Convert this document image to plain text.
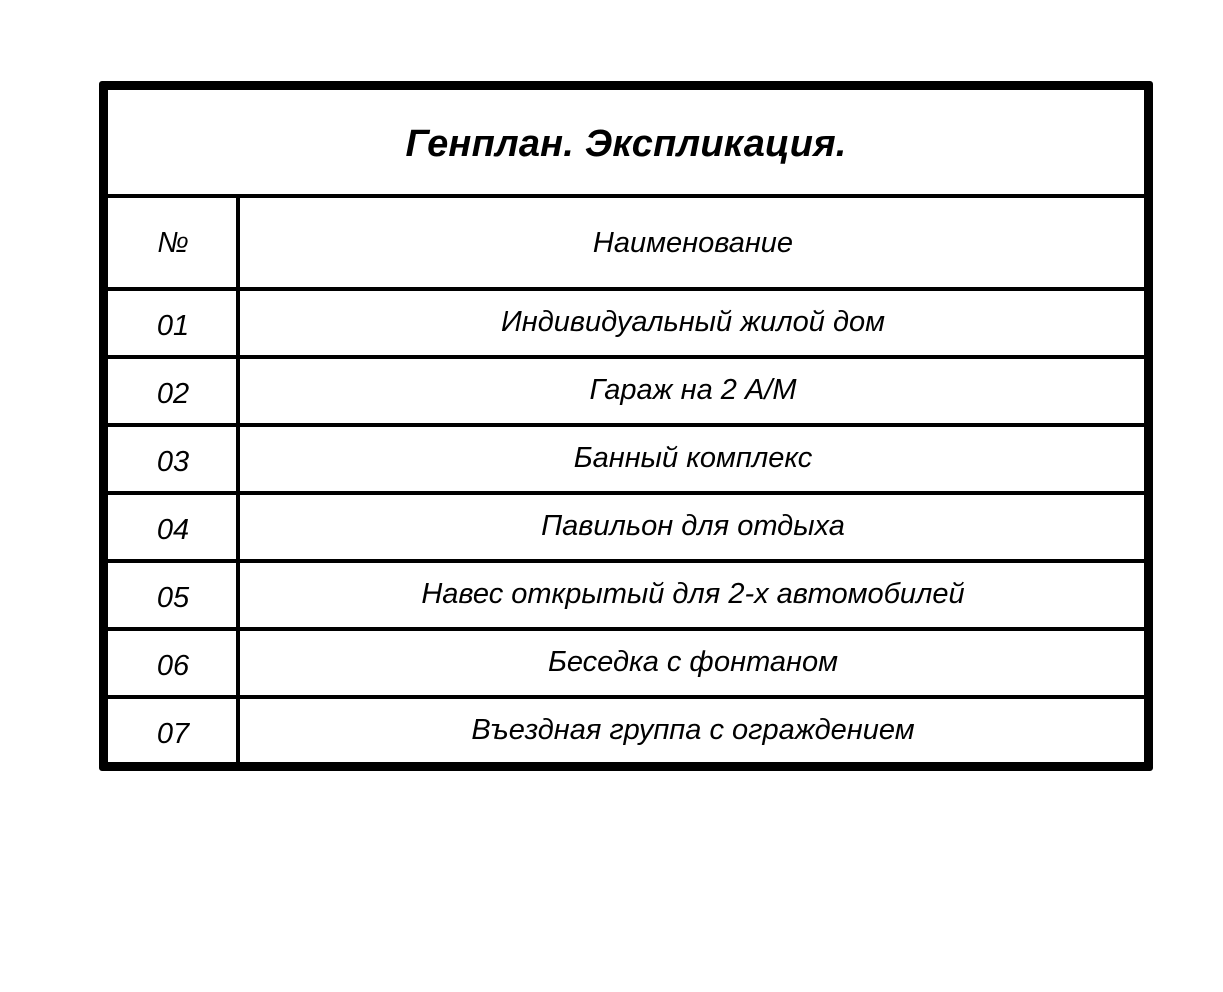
Генплан. Экспликация.
№	Наименование
01	Индивидуальный жилой дом
02	Гараж на 2 А/М
03	Банный комплекс
04	Павильон для отдыха
05	Навес открытый для 2-х автомобилей
06	Беседка с фонтаном
07	Въездная группа с ограждением
